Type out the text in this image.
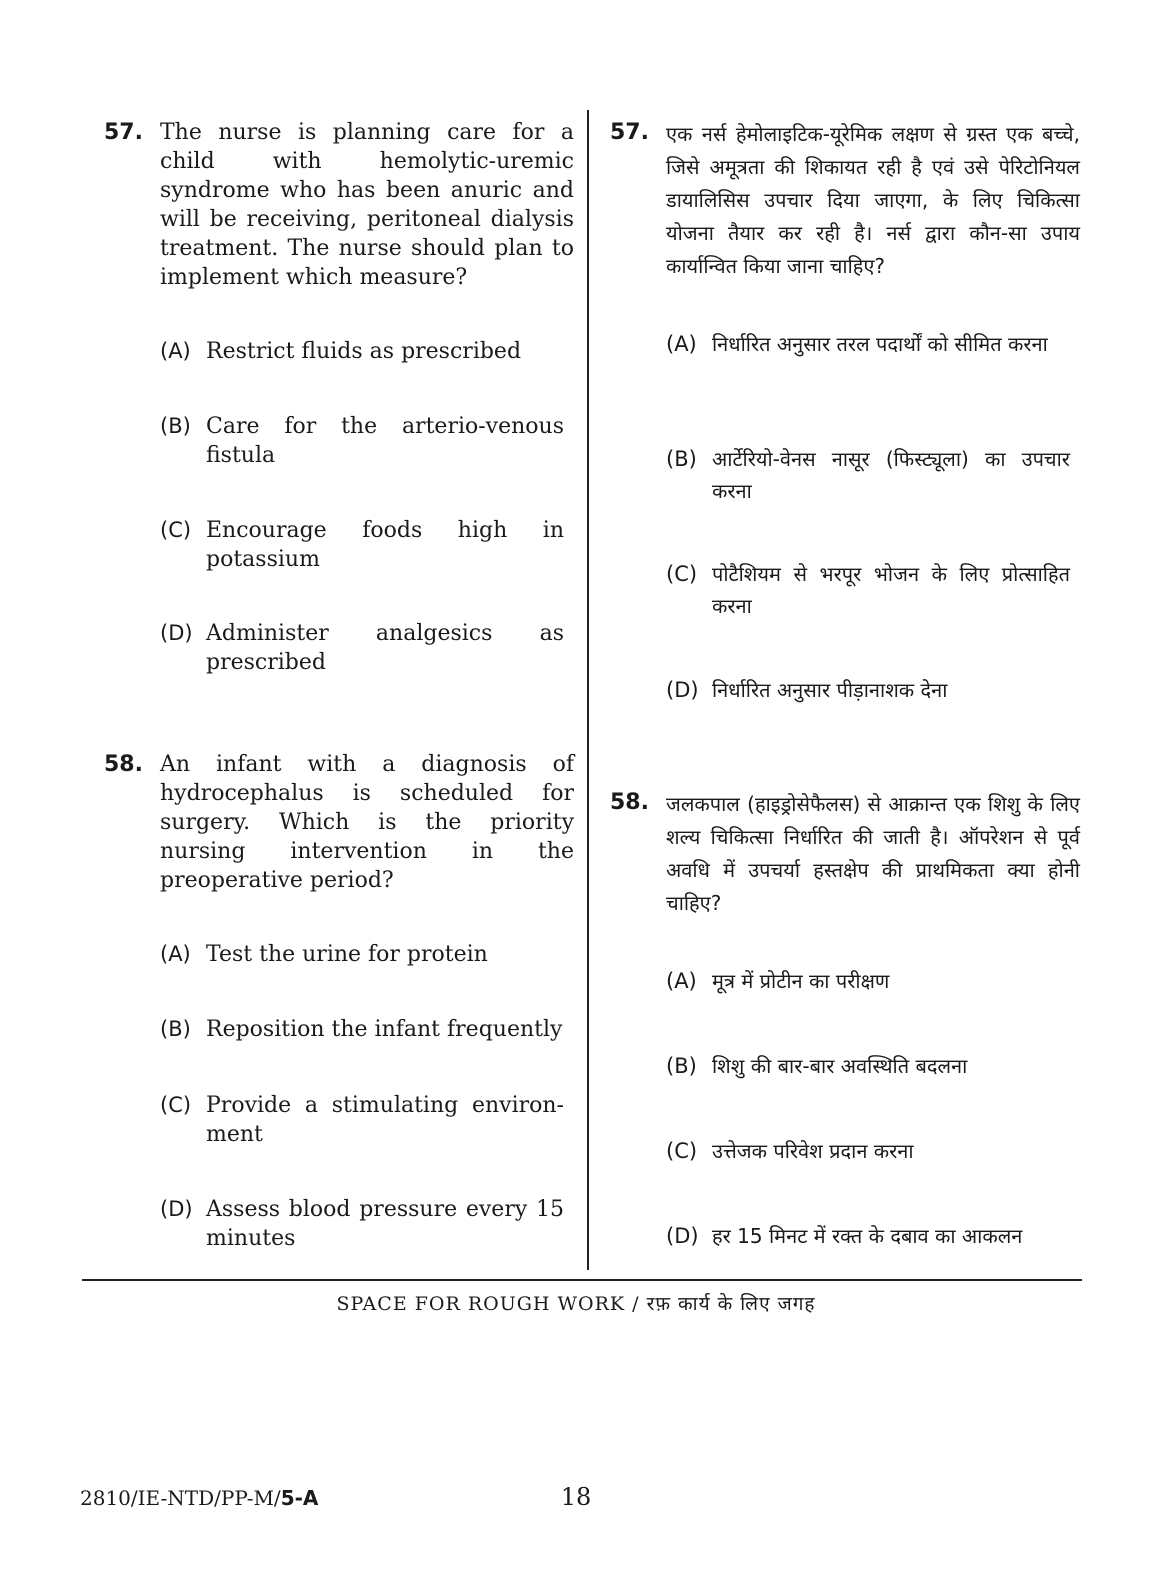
57. The nurse is planning care for a child with hemolytic-uremic syndrome who has been anuric and will be receiving, peritoneal dialysis treatment. The nurse should plan to implement which measure?
(A) Restrict fluids as prescribed
(B) Care for the arterio-venous fistula
(C) Encourage foods high in potassium
(D) Administer analgesics as prescribed
58. An infant with a diagnosis of hydrocephalus is scheduled for surgery. Which is the priority nursing intervention in the preoperative period?
(A) Test the urine for protein
(B) Reposition the infant frequently
(C) Provide a stimulating environ-ment
(D) Assess blood pressure every 15 minutes
57. एक नर्स हेमोलाइटिक-यूरेमिक लक्षण से ग्रस्त एक बच्चे, जिसे अमूत्रता की शिकायत रही है एवं उसे पेरिटोनियल डायालिसिस उपचार दिया जाएगा, के लिए चिकित्सा योजना तैयार कर रही है। नर्स द्वारा कौन-सा उपाय कार्यान्वित किया जाना चाहिए?
(A) निर्धारित अनुसार तरल पदार्थों को सीमित करना
(B) आर्टेरियो-वेनस नासूर (फिस्ट्यूला) का उपचार करना
(C) पोटैशियम से भरपूर भोजन के लिए प्रोत्साहित करना
(D) निर्धारित अनुसार पीड़ानाशक देना
58. जलकपाल (हाइड्रोसेफैलस) से आक्रान्त एक शिशु के लिए शल्य चिकित्सा निर्धारित की जाती है। ऑपरेशन से पूर्व अवधि में उपचर्या हस्तक्षेप की प्राथमिकता क्या होनी चाहिए?
(A) मूत्र में प्रोटीन का परीक्षण
(B) शिशु की बार-बार अवस्थिति बदलना
(C) उत्तेजक परिवेश प्रदान करना
(D) हर 15 मिनट में रक्त के दबाव का आकलन
SPACE FOR ROUGH WORK / रफ़ कार्य के लिए जगह
2810/IE-NTD/PP-M/5-A	18
